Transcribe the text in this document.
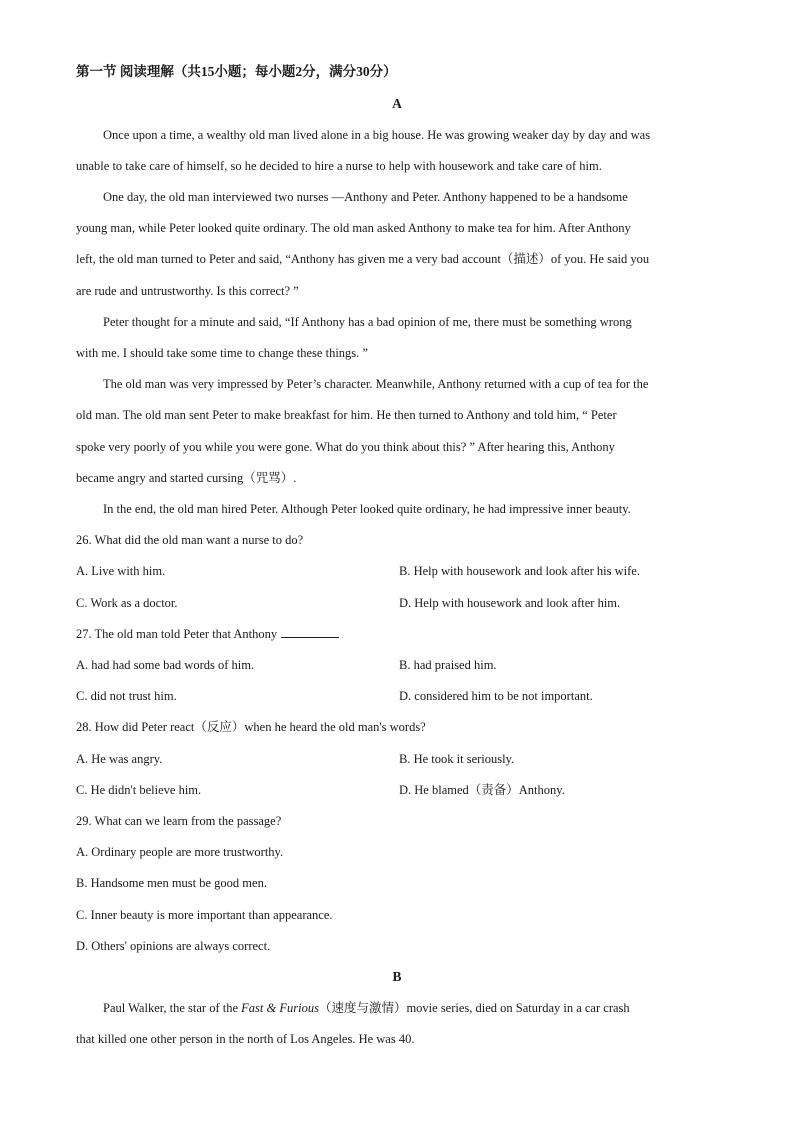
第一节 阅读理解（共15小题；每小题2分，满分30分）
A
Once upon a time, a wealthy old man lived alone in a big house. He was growing weaker day by day and was
unable to take care of himself, so he decided to hire a nurse to help with housework and take care of him.
One day, the old man interviewed two nurses —Anthony and Peter. Anthony happened to be a handsome
young man, while Peter looked quite ordinary. The old man asked Anthony to make tea for him. After Anthony
left, the old man turned to Peter and said, “Anthony has given me a very bad account（描述）of you. He said you
are rude and untrustworthy. Is this correct? ”
Peter thought for a minute and said, “If Anthony has a bad opinion of me, there must be something wrong
with me. I should take some time to change these things. ”
The old man was very impressed by Peter’s character. Meanwhile, Anthony returned with a cup of tea for the
old man. The old man sent Peter to make breakfast for him. He then turned to Anthony and told him, “ Peter
spoke very poorly of you while you were gone. What do you think about this? ” After hearing this, Anthony
became angry and started cursing（咒骂）.
In the end, the old man hired Peter. Although Peter looked quite ordinary, he had impressive inner beauty.
26. What did the old man want a nurse to do?
A. Live with him.	B. Help with housework and look after his wife.
C. Work as a doctor.	D. Help with housework and look after him.
27. The old man told Peter that Anthony
A. had had some bad words of him.	B. had praised him.
C. did not trust him.	D. considered him to be not important.
28. How did Peter react（反应）when he heard the old man's words?
A. He was angry.	B. He took it seriously.
C. He didn't believe him.	D. He blamed（责备）Anthony.
29. What can we learn from the passage?
A. Ordinary people are more trustworthy.
B. Handsome men must be good men.
C. Inner beauty is more important than appearance.
D. Others' opinions are always correct.
B
Paul Walker, the star of the Fast & Furious（速度与激情）movie series, died on Saturday in a car crash
that killed one other person in the north of Los Angeles. He was 40.
